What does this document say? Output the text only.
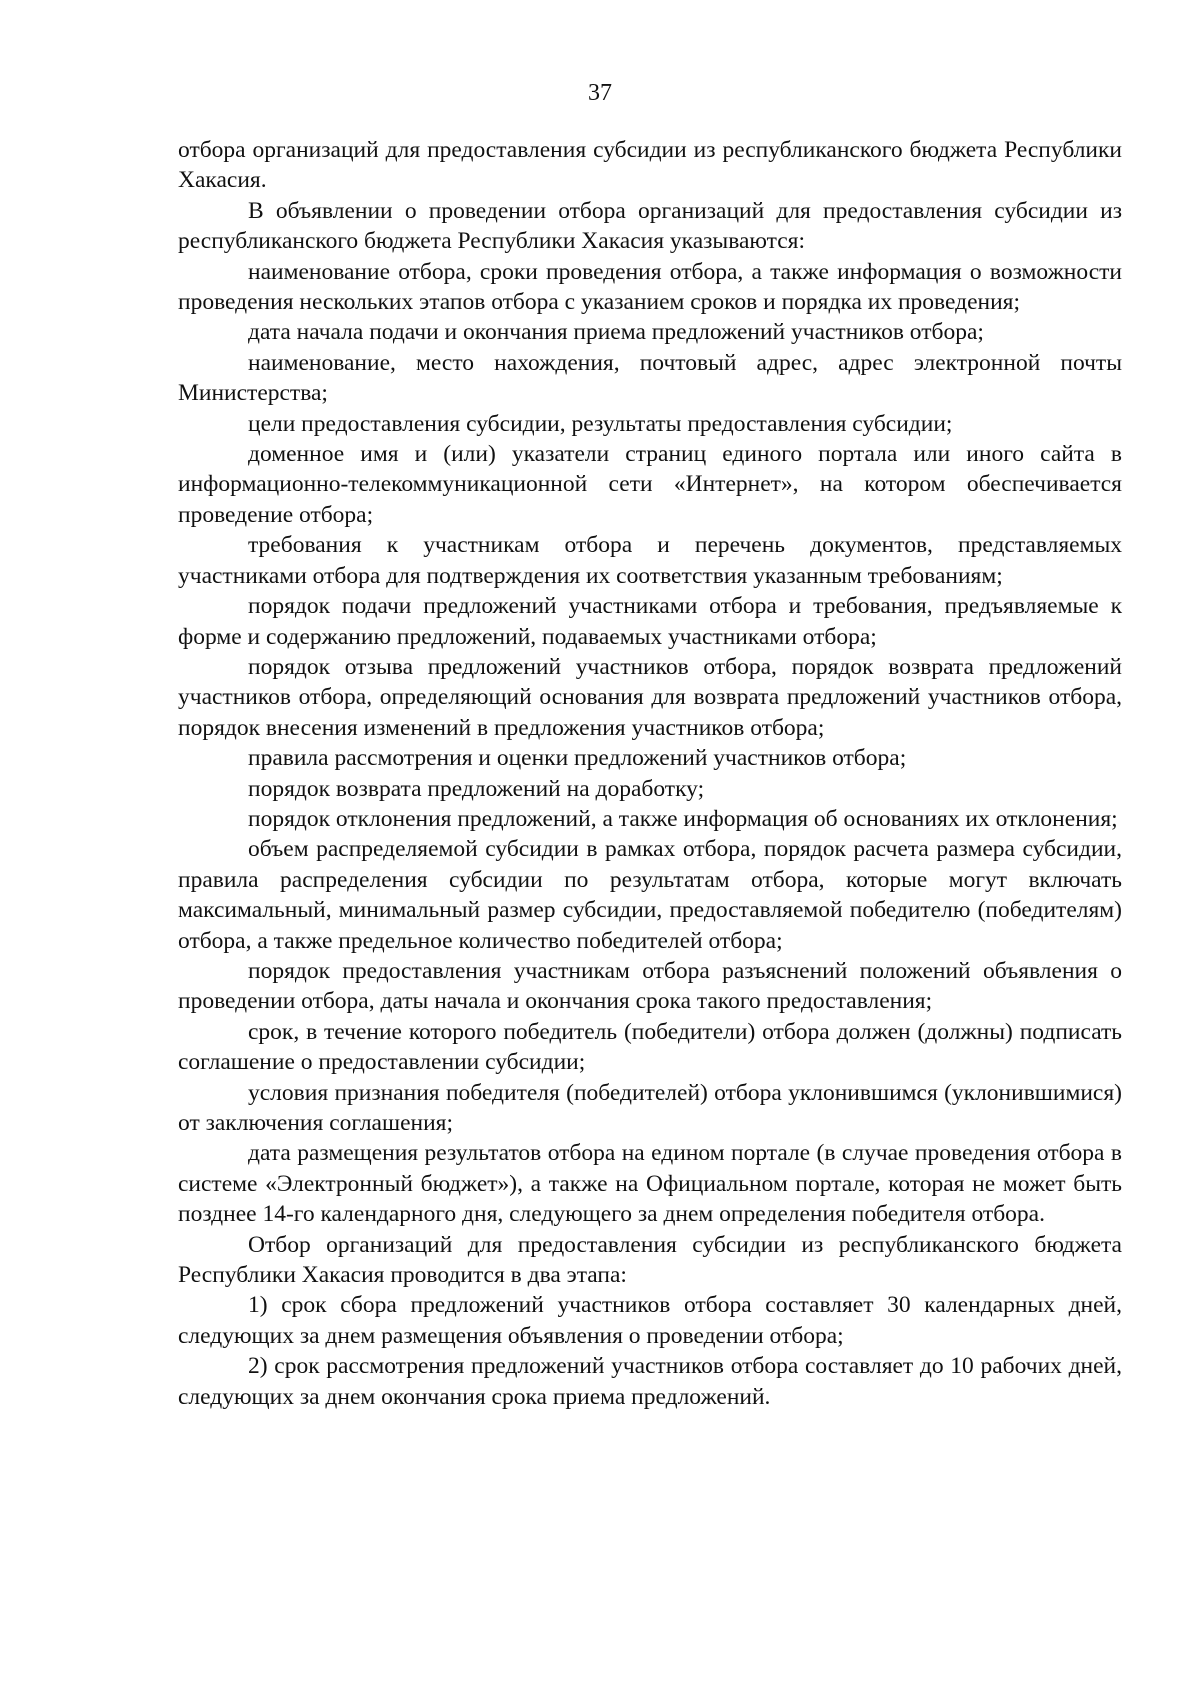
37

отбора организаций для предоставления субсидии из республиканского бюджета Республики Хакасия.

В объявлении о проведении отбора организаций для предоставления субсидии из республиканского бюджета Республики Хакасия указываются:

наименование отбора, сроки проведения отбора, а также информация о возможности проведения нескольких этапов отбора с указанием сроков и порядка их проведения;

дата начала подачи и окончания приема предложений участников отбора;

наименование, место нахождения, почтовый адрес, адрес электронной почты Министерства;

цели предоставления субсидии, результаты предоставления субсидии;

доменное имя и (или) указатели страниц единого портала или иного сайта в информационно-телекоммуникационной сети «Интернет», на котором обеспечивается проведение отбора;

требования к участникам отбора и перечень документов, представляемых участниками отбора для подтверждения их соответствия указанным требованиям;

порядок подачи предложений участниками отбора и требования, предъявляемые к форме и содержанию предложений, подаваемых участниками отбора;

порядок отзыва предложений участников отбора, порядок возврата предложений участников отбора, определяющий основания для возврата предложений участников отбора, порядок внесения изменений в предложения участников отбора;

правила рассмотрения и оценки предложений участников отбора;

порядок возврата предложений на доработку;

порядок отклонения предложений, а также информация об основаниях их отклонения;

объем распределяемой субсидии в рамках отбора, порядок расчета размера субсидии, правила распределения субсидии по результатам отбора, которые могут включать максимальный, минимальный размер субсидии, предоставляемой победителю (победителям) отбора, а также предельное количество победителей отбора;

порядок предоставления участникам отбора разъяснений положений объявления о проведении отбора, даты начала и окончания срока такого предоставления;

срок, в течение которого победитель (победители) отбора должен (должны) подписать соглашение о предоставлении субсидии;

условия признания победителя (победителей) отбора уклонившимся (уклонившимися) от заключения соглашения;

дата размещения результатов отбора на едином портале (в случае проведения отбора в системе «Электронный бюджет»), а также на Официальном портале, которая не может быть позднее 14-го календарного дня, следующего за днем определения победителя отбора.

Отбор организаций для предоставления субсидии из республиканского бюджета Республики Хакасия проводится в два этапа:

1) срок сбора предложений участников отбора составляет 30 календарных дней, следующих за днем размещения объявления о проведении отбора;

2) срок рассмотрения предложений участников отбора составляет до 10 рабочих дней, следующих за днем окончания срока приема предложений.
